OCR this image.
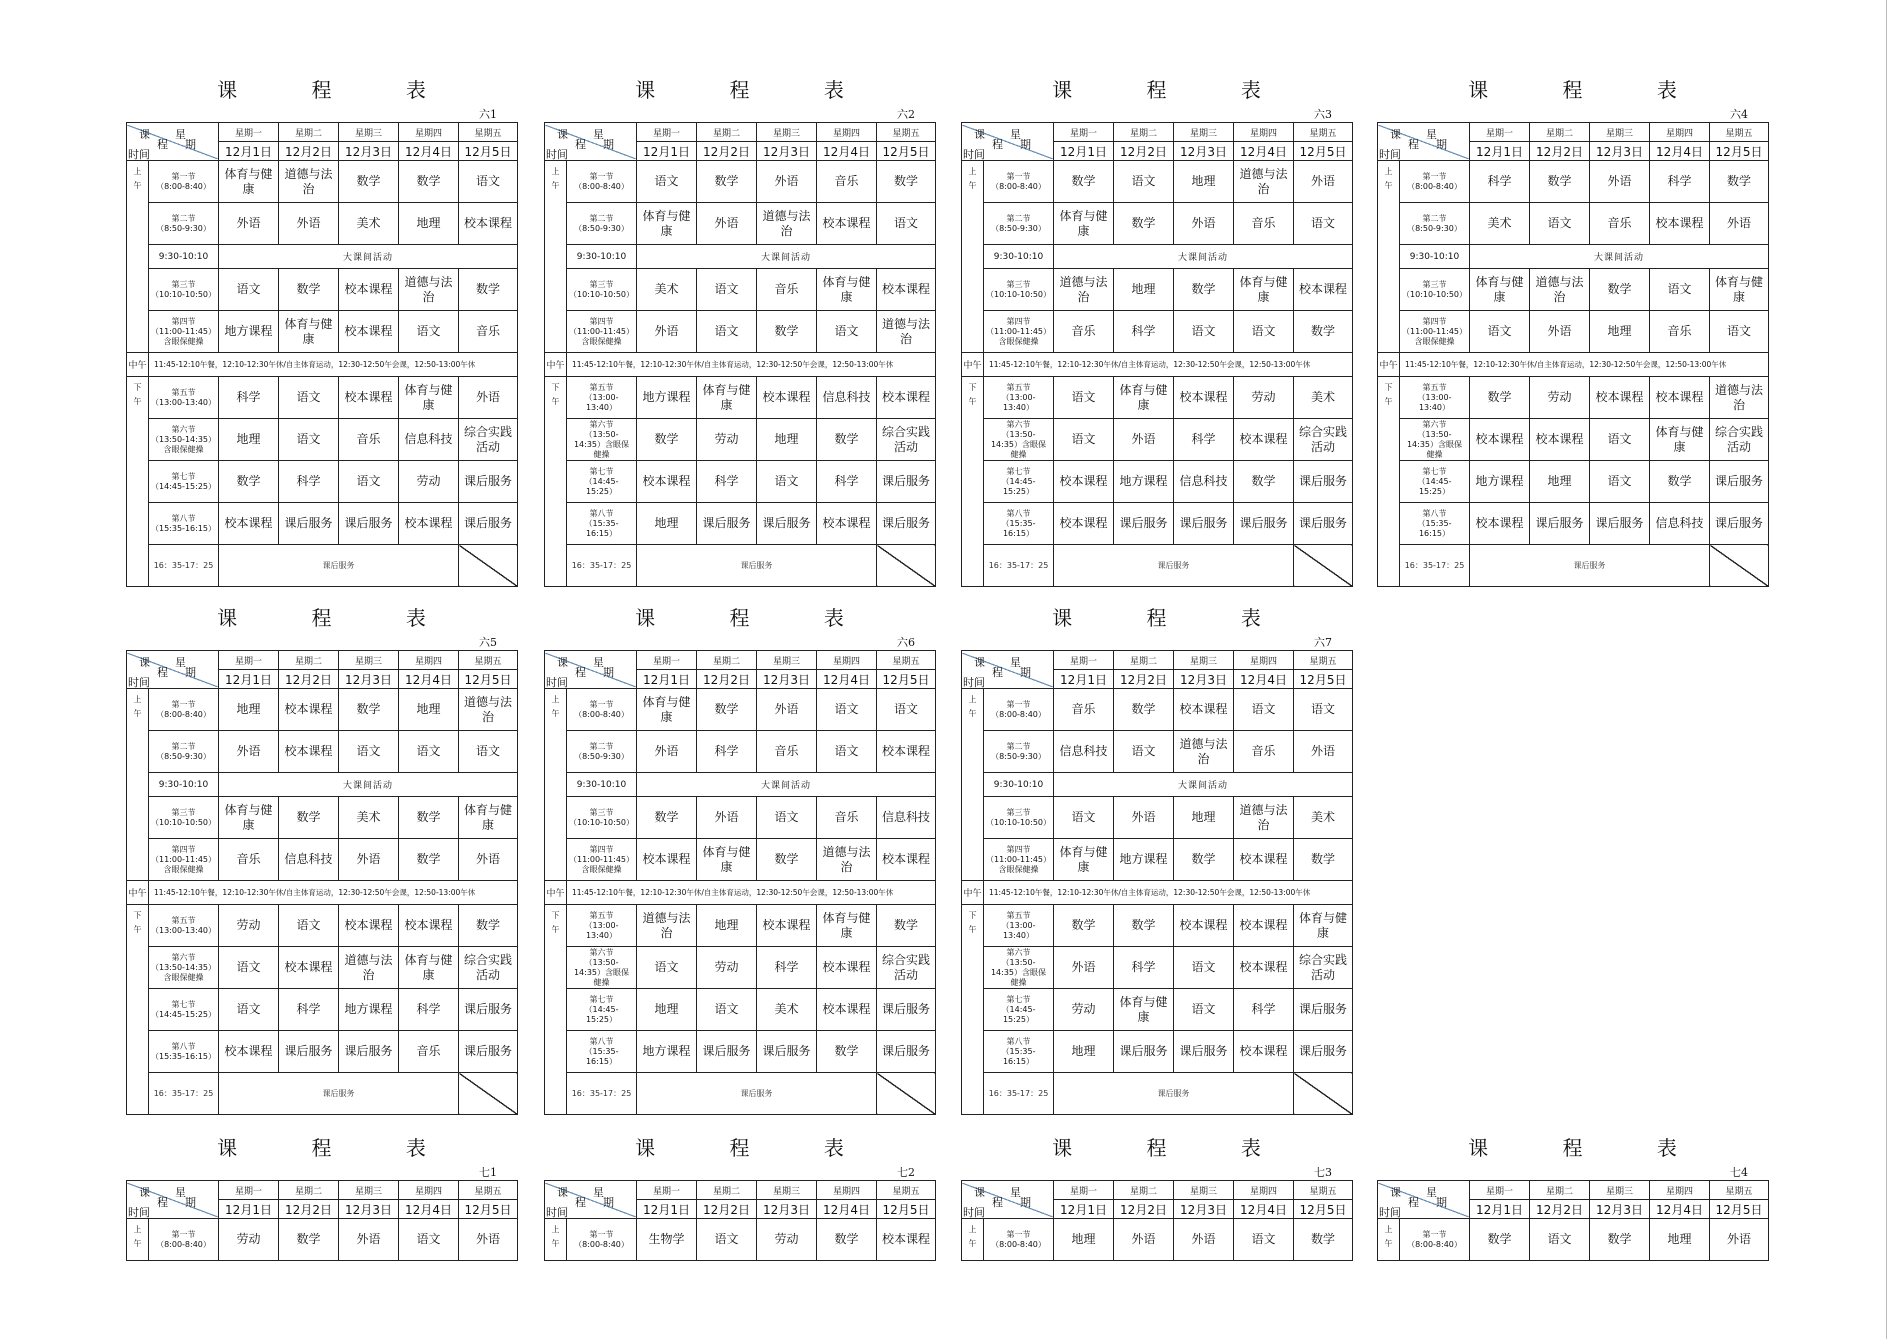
课 程 表
六1
课 星
程 期
时间		星期一	星期二	星期三	星期四	星期五
		12月1日	12月2日	12月3日	12月4日	12月5日
上
午	第一节
（8:00-8:40）	体育与健康	道德与法治	数学	数学	语文
	第二节
（8:50-9:30）	外语	外语	美术	地理	校本课程
	9:30-10:10	大课间活动				
	第三节
（10:10-10:50）	语文	数学	校本课程	道德与法治	数学
	第四节
（11:00-11:45）
含眼保健操	地方课程	体育与健康	校本课程	语文	音乐
中午	11:45-12:10午餐，12:10-12:30午休/自主体育运动，12:30-12:50午会课，12:50-13:00午休					
下
午	第五节
（13:00-13:40）	科学	语文	校本课程	体育与健康	外语
	第六节
（13:50-14:35）
含眼保健操	地理	语文	音乐	信息科技	综合实践活动
	第七节
（14:45-15:25）	数学	科学	语文	劳动	课后服务
	第八节
（15:35-16:15）	校本课程	课后服务	课后服务	校本课程	课后服务
	16：35-17：25	课后服务				
课 程 表
六2
课 星
程 期
时间		星期一	星期二	星期三	星期四	星期五
		12月1日	12月2日	12月3日	12月4日	12月5日
上
午	第一节
（8:00-8:40）	语文	数学	外语	音乐	数学
	第二节
（8:50-9:30）	体育与健康	外语	道德与法治	校本课程	语文
	9:30-10:10	大课间活动				
	第三节
（10:10-10:50）	美术	语文	音乐	体育与健康	校本课程
	第四节
（11:00-11:45）
含眼保健操	外语	语文	数学	语文	道德与法治
中午	11:45-12:10午餐，12:10-12:30午休/自主体育运动，12:30-12:50午会课，12:50-13:00午休					
下
午	第五节
（13:00-
13:40）	地方课程	体育与健康	校本课程	信息科技	校本课程
	第六节
（13:50-
14:35）含眼保
健操	数学	劳动	地理	数学	综合实践活动
	第七节
（14:45-
15:25）	校本课程	科学	语文	科学	课后服务
	第八节
（15:35-
16:15）	地理	课后服务	课后服务	校本课程	课后服务
	16：35-17：25	课后服务				
课 程 表
六3
课 星
程 期
时间		星期一	星期二	星期三	星期四	星期五
		12月1日	12月2日	12月3日	12月4日	12月5日
上
午	第一节
（8:00-8:40）	数学	语文	地理	道德与法治	外语
	第二节
（8:50-9:30）	体育与健康	数学	外语	音乐	语文
	9:30-10:10	大课间活动				
	第三节
（10:10-10:50）	道德与法治	地理	数学	体育与健康	校本课程
	第四节
（11:00-11:45）
含眼保健操	音乐	科学	语文	语文	数学
中午	11:45-12:10午餐，12:10-12:30午休/自主体育运动，12:30-12:50午会课，12:50-13:00午休					
下
午	第五节
（13:00-
13:40）	语文	体育与健康	校本课程	劳动	美术
	第六节
（13:50-
14:35）含眼保
健操	语文	外语	科学	校本课程	综合实践活动
	第七节
（14:45-
15:25）	校本课程	地方课程	信息科技	数学	课后服务
	第八节
（15:35-
16:15）	校本课程	课后服务	课后服务	课后服务	课后服务
	16：35-17：25	课后服务				
课 程 表
六4
课 星
程 期
时间		星期一	星期二	星期三	星期四	星期五
		12月1日	12月2日	12月3日	12月4日	12月5日
上
午	第一节
（8:00-8:40）	科学	数学	外语	科学	数学
	第二节
（8:50-9:30）	美术	语文	音乐	校本课程	外语
	9:30-10:10	大课间活动				
	第三节
（10:10-10:50）	体育与健康	道德与法治	数学	语文	体育与健康
	第四节
（11:00-11:45）
含眼保健操	语文	外语	地理	音乐	语文
中午	11:45-12:10午餐，12:10-12:30午休/自主体育运动，12:30-12:50午会课，12:50-13:00午休					
下
午	第五节
（13:00-
13:40）	数学	劳动	校本课程	校本课程	道德与法治
	第六节
（13:50-
14:35）含眼保
健操	校本课程	校本课程	语文	体育与健康	综合实践活动
	第七节
（14:45-
15:25）	地方课程	地理	语文	数学	课后服务
	第八节
（15:35-
16:15）	校本课程	课后服务	课后服务	信息科技	课后服务
	16：35-17：25	课后服务				
课 程 表
六5
课 星
程 期
时间		星期一	星期二	星期三	星期四	星期五
		12月1日	12月2日	12月3日	12月4日	12月5日
上
午	第一节
（8:00-8:40）	地理	校本课程	数学	地理	道德与法治
	第二节
（8:50-9:30）	外语	校本课程	语文	语文	语文
	9:30-10:10	大课间活动				
	第三节
（10:10-10:50）	体育与健康	数学	美术	数学	体育与健康
	第四节
（11:00-11:45）
含眼保健操	音乐	信息科技	外语	数学	外语
中午	11:45-12:10午餐，12:10-12:30午休/自主体育运动，12:30-12:50午会课，12:50-13:00午休					
下
午	第五节
（13:00-13:40）	劳动	语文	校本课程	校本课程	数学
	第六节
（13:50-14:35）
含眼保健操	语文	校本课程	道德与法治	体育与健康	综合实践活动
	第七节
（14:45-15:25）	语文	科学	地方课程	科学	课后服务
	第八节
（15:35-16:15）	校本课程	课后服务	课后服务	音乐	课后服务
	16：35-17：25	课后服务				
课 程 表
六6
课 星
程 期
时间		星期一	星期二	星期三	星期四	星期五
		12月1日	12月2日	12月3日	12月4日	12月5日
上
午	第一节
（8:00-8:40）	体育与健康	数学	外语	语文	语文
	第二节
（8:50-9:30）	外语	科学	音乐	语文	校本课程
	9:30-10:10	大课间活动				
	第三节
（10:10-10:50）	数学	外语	语文	音乐	信息科技
	第四节
（11:00-11:45）
含眼保健操	校本课程	体育与健康	数学	道德与法治	校本课程
中午	11:45-12:10午餐，12:10-12:30午休/自主体育运动，12:30-12:50午会课，12:50-13:00午休					
下
午	第五节
（13:00-
13:40）	道德与法治	地理	校本课程	体育与健康	数学
	第六节
（13:50-
14:35）含眼保
健操	语文	劳动	科学	校本课程	综合实践活动
	第七节
（14:45-
15:25）	地理	语文	美术	校本课程	课后服务
	第八节
（15:35-
16:15）	地方课程	课后服务	课后服务	数学	课后服务
	16：35-17：25	课后服务				
课 程 表
六7
课 星
程 期
时间		星期一	星期二	星期三	星期四	星期五
		12月1日	12月2日	12月3日	12月4日	12月5日
上
午	第一节
（8:00-8:40）	音乐	数学	校本课程	语文	语文
	第二节
（8:50-9:30）	信息科技	语文	道德与法治	音乐	外语
	9:30-10:10	大课间活动				
	第三节
（10:10-10:50）	语文	外语	地理	道德与法治	美术
	第四节
（11:00-11:45）
含眼保健操	体育与健康	地方课程	数学	校本课程	数学
中午	11:45-12:10午餐，12:10-12:30午休/自主体育运动，12:30-12:50午会课，12:50-13:00午休					
下
午	第五节
（13:00-
13:40）	数学	数学	校本课程	校本课程	体育与健康
	第六节
（13:50-
14:35）含眼保
健操	外语	科学	语文	校本课程	综合实践活动
	第七节
（14:45-
15:25）	劳动	体育与健康	语文	科学	课后服务
	第八节
（15:35-
16:15）	地理	课后服务	课后服务	校本课程	课后服务
	16：35-17：25	课后服务				
课 程 表
七1
课 星
程 期
时间		星期一	星期二	星期三	星期四	星期五
		12月1日	12月2日	12月3日	12月4日	12月5日
上
午	第一节
（8:00-8:40）	劳动	数学	外语	语文	外语
课 程 表
七2
课 星
程 期
时间		星期一	星期二	星期三	星期四	星期五
		12月1日	12月2日	12月3日	12月4日	12月5日
上
午	第一节
（8:00-8:40）	生物学	语文	劳动	数学	校本课程
课 程 表
七3
课 星
程 期
时间		星期一	星期二	星期三	星期四	星期五
		12月1日	12月2日	12月3日	12月4日	12月5日
上
午	第一节
（8:00-8:40）	地理	外语	外语	语文	数学
课 程 表
七4
课 星
程 期
时间		星期一	星期二	星期三	星期四	星期五
		12月1日	12月2日	12月3日	12月4日	12月5日
上
午	第一节
（8:00-8:40）	数学	语文	数学	地理	外语
